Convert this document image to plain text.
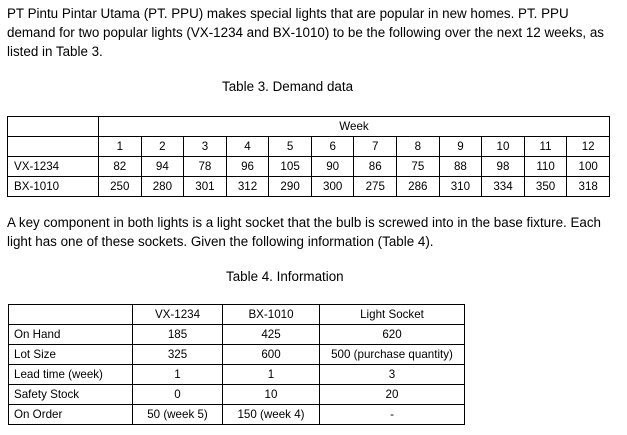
PT Pintu Pintar Utama (PT. PPU) makes special lights that are popular in new homes. PT. PPU demand for two popular lights (VX-1234 and BX-1010) to be the following over the next 12 weeks, as listed in Table 3.

Table 3. Demand data
	Week											
	1	2	3	4	5	6	7	8	9	10	11	12
VX-1234	82	94	78	96	105	90	86	75	88	98	110	100
BX-1010	250	280	301	312	290	300	275	286	310	334	350	318

A key component in both lights is a light socket that the bulb is screwed into in the base fixture. Each light has one of these sockets. Given the following information (Table 4).

Table 4. Information
	VX-1234	BX-1010	Light Socket
On Hand	185	425	620
Lot Size	325	600	500 (purchase quantity)
Lead time (week)	1	1	3
Safety Stock	0	10	20
On Order	50 (week 5)	150 (week 4)	-
